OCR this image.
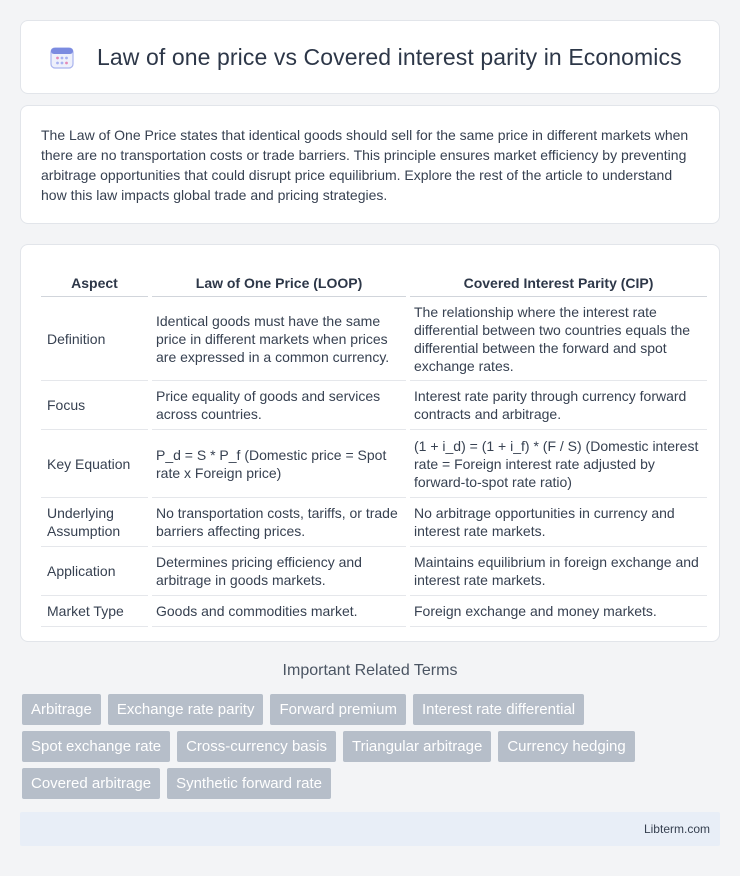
Law of one price vs Covered interest parity in Economics

The Law of One Price states that identical goods should sell for the same price in different markets when there are no transportation costs or trade barriers. This principle ensures market efficiency by preventing arbitrage opportunities that could disrupt price equilibrium. Explore the rest of the article to understand how this law impacts global trade and pricing strategies.

Aspect	Law of One Price (LOOP)	Covered Interest Parity (CIP)
Definition	Identical goods must have the same price in different markets when prices are expressed in a common currency.	The relationship where the interest rate differential between two countries equals the differential between the forward and spot exchange rates.
Focus	Price equality of goods and services across countries.	Interest rate parity through currency forward contracts and arbitrage.
Key Equation	P_d = S * P_f (Domestic price = Spot rate x Foreign price)	(1 + i_d) = (1 + i_f) * (F / S) (Domestic interest rate = Foreign interest rate adjusted by forward-to-spot rate ratio)
Underlying Assumption	No transportation costs, tariffs, or trade barriers affecting prices.	No arbitrage opportunities in currency and interest rate markets.
Application	Determines pricing efficiency and arbitrage in goods markets.	Maintains equilibrium in foreign exchange and interest rate markets.
Market Type	Goods and commodities market.	Foreign exchange and money markets.
Important Related Terms
Arbitrage	Exchange rate parity	Forward premium	Interest rate differential
Spot exchange rate	Cross-currency basis	Triangular arbitrage	Currency hedging
Covered arbitrage	Synthetic forward rate
Libterm.com
